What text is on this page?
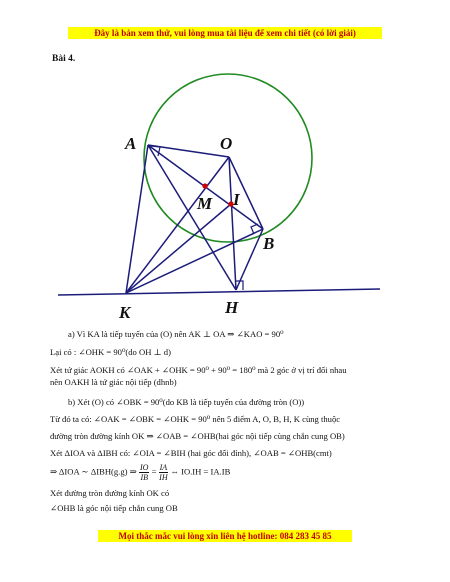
Đây là bản xem thử, vui lòng mua tài liệu để xem chi tiết (có lời giải)
Bài 4.
A	O
M I
B
K	H
a) Vì KA là tiếp tuyến của (O) nên AK ⊥ OA ⇒ ∠KAO = 90⁰
Lại có : ∠OHK = 90⁰(do OH ⊥ d)
Xét tứ giác AOKH có ∠OAK + ∠OHK = 90⁰ + 90⁰ = 180⁰ mà 2 góc ở vị trí đối nhau
nên OAKH là tứ giác nội tiếp (dhnb)
b) Xét (O) có ∠OBK = 90⁰(do KB là tiếp tuyến của đường tròn (O))
Từ đó ta có: ∠OAK = ∠OBK = ∠OHK = 90⁰ nên 5 điểm A, O, B, H, K cùng thuộc
đường tròn đường kính OK ⇒ ∠OAB = ∠OHB(hai góc nội tiếp cùng chắn cung OB)
Xét ΔIOA và ΔIBH có: ∠OIA = ∠BIH (hai góc đối đỉnh), ∠OAB = ∠OHB(cmt)
⇒ ΔIOA ∼ ΔIBH(g.g) ⇒ $\frac{IO}{IB} = \frac{IA}{IH}$ ⇔ IO.IH = IA.IB
Xét đường tròn đường kính OK có
∠OHB là góc nội tiếp chắn cung OB
Mọi thắc mắc vui lòng xin liên hệ hotline: 084 283 45 85
